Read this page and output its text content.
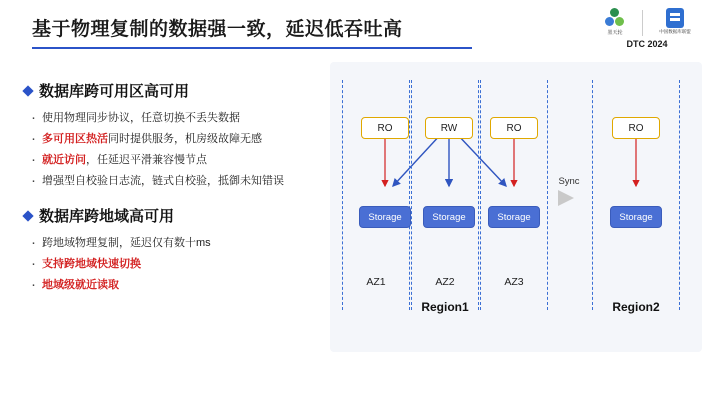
基于物理复制的数据强一致，延迟低吞吐高	墨天轮	中国数据库联盟
DTC 2024
数据库跨可用区高可用
· 使用物理同步协议，任意切换不丢失数据
· 多可用区热活同时提供服务，机房级故障无感
· 就近访问，任延迟平滑兼容慢节点
· 增强型自校验日志流，链式自校验，抵御未知错误
数据库跨地域高可用
· 跨地域物理复制，延迟仅有数十ms
· 支持跨地域快速切换
· 地域级就近读取	AZ1	AZ2	AZ3
RO	RW	RO
Storage	Storage	Storage
Region1
Sync
RO
Storage
Region2
